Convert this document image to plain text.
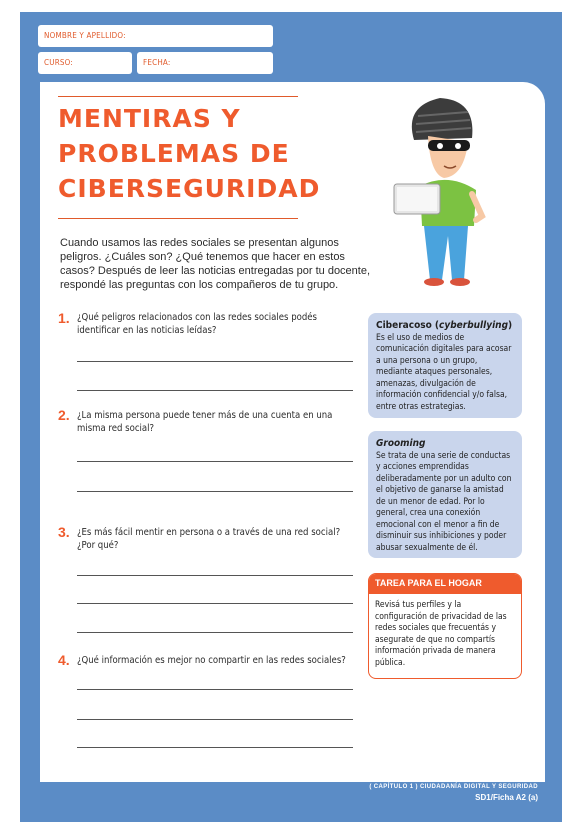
NOMBRE Y APELLIDO:
CURSO:	FECHA:
MENTIRAS Y
PROBLEMAS DE
CIBERSEGURIDAD

Cuando usamos las redes sociales se presentan algunos peligros. ¿Cuáles son? ¿Qué tenemos que hacer en estos casos? Después de leer las noticias entregadas por tu docente, respondé las preguntas con los compañeros de tu grupo.

1. ¿Qué peligros relacionados con las redes sociales podés identificar en las noticias leídas?
2. ¿La misma persona puede tener más de una cuenta en una misma red social?
3. ¿Es más fácil mentir en persona o a través de una red social? ¿Por qué?
4. ¿Qué información es mejor no compartir en las redes sociales?
Ciberacoso (cyberbullying)
Es el uso de medios de comunicación digitales para acosar a una persona o un grupo, mediante ataques personales, amenazas, divulgación de información confidencial y/o falsa, entre otras estrategias.
Grooming
Se trata de una serie de conductas y acciones emprendidas deliberadamente por un adulto con el objetivo de ganarse la amistad de un menor de edad. Por lo general, crea una conexión emocional con el menor a fin de disminuir sus inhibiciones y poder abusar sexualmente de él.
TAREA PARA EL HOGAR
Revisá tus perfiles y la configuración de privacidad de las redes sociales que frecuentás y asegurate de que no compartís información privada de manera pública.
( CAPÍTULO 1 ) CIUDADANÍA DIGITAL Y SEGURIDAD
SD1/Ficha A2 (a)
